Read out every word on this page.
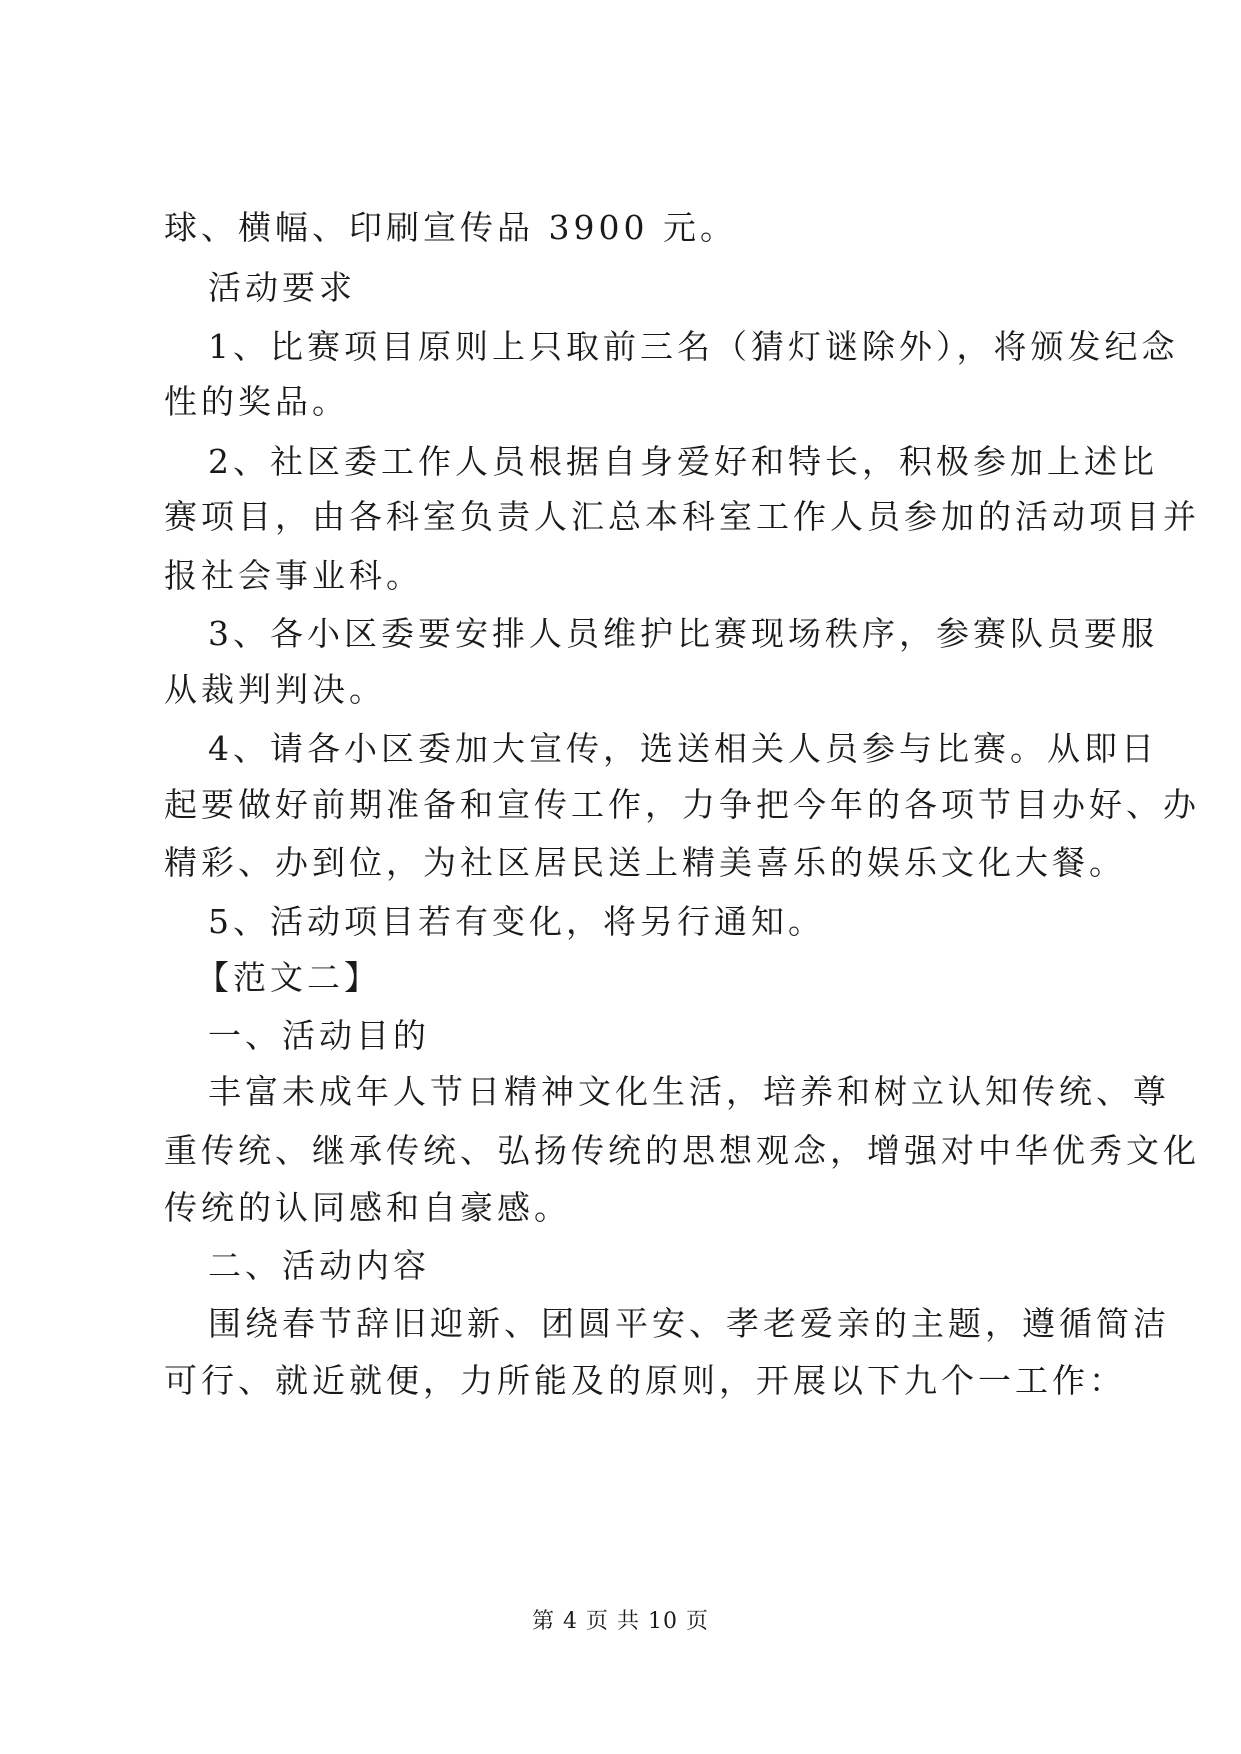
球、横幅、印刷宣传品 3900 元。
活动要求
1、比赛项目原则上只取前三名（猜灯谜除外），将颁发纪念
性的奖品。
2、社区委工作人员根据自身爱好和特长，积极参加上述比
赛项目，由各科室负责人汇总本科室工作人员参加的活动项目并
报社会事业科。
3、各小区委要安排人员维护比赛现场秩序，参赛队员要服
从裁判判决。
4、请各小区委加大宣传，选送相关人员参与比赛。从即日
起要做好前期准备和宣传工作，力争把今年的各项节目办好、办
精彩、办到位，为社区居民送上精美喜乐的娱乐文化大餐。
5、活动项目若有变化，将另行通知。
【范文二】
一、活动目的
丰富未成年人节日精神文化生活，培养和树立认知传统、尊
重传统、继承传统、弘扬传统的思想观念，增强对中华优秀文化
传统的认同感和自豪感。
二、活动内容
围绕春节辞旧迎新、团圆平安、孝老爱亲的主题，遵循简洁
可行、就近就便，力所能及的原则，开展以下九个一工作：
第 4 页 共 10 页
